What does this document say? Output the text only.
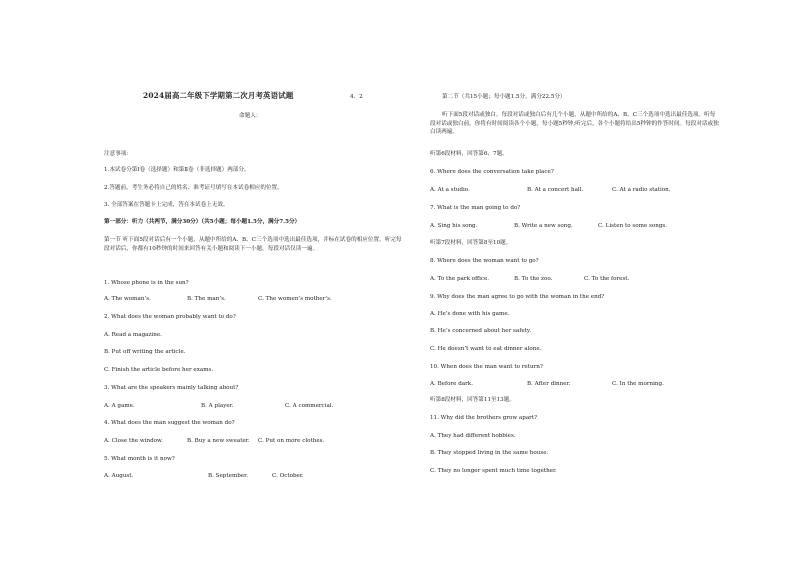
2024届高二年级下学期第二次月考英语试题	4．2
命题人：
注意事项：
1.本试卷分第Ⅰ卷（选择题）和第Ⅱ卷（非选择题）两部分。
2.答题前，考生务必将自己的姓名、准考证号填写在本试卷相应的位置。
3. 全部答案在答题卡上完成，答在本试卷上无效。
第一部分：听力（共两节，满分30分）（共5小题；每小题1.5分，满分7.5分）
第一节 听下面5段对话后有一个小题，从题中所给的A、B、C三个选项中选出最佳选项，并标在试卷的相应位置。听完每段对话后，你都有10秒钟的时间来回答有关小题和阅读下一小题。每段对话仅读一遍。
1. Whose phone is in the sun?
A. The woman’s.	B. The man’s.	C. The women’s mother’s.
2. What does the woman probably want to do?
A. Read a magazine.
B. Put off writing the article.
C. Finish the article before her exams.
3. What are the speakers mainly talking about?
A. A game.	B. A player.	C. A commercial.
4. What does the man suggest the woman do?
A. Close the window.	B. Buy a new sweater. C. Put on more clothes.
5. What month is it now?
A. August.	B. September.	C. October.
第二节（共15小题；每小题1.5分，满分22.5分）
听下面5段对话或独白。每段对话或独白后有几个小题，从题中所给的A、B、C三个选项中选出最佳选项。听每段对话或独白前，你将有时间阅读各个小题，每小题5秒钟;听完后，各个小题将给出5秒钟的作答时间。每段对话或独白读两遍。
听第6段材料，回答第6、7题。
6. Where does the conversation take place?
A. At a studio.	B. At a concert hall.	C. At a radio station.
7. What is the man going to do?
A. Sing his song.	B. Write a new song.	C. Listen to some songs.
听第7段材料，回答第8至10题。
8. Where does the woman want to go?
A. To the park office.	B. To the zoo.	C. To the forest.
9. Why does the man agree to go with the woman in the end?
A. He’s done with his game.
B. He’s concerned about her safety.
C. He doesn’t want to eat dinner alone.
10. When does the man want to return?
A. Before dark.	B. After dinner.	C. In the morning.
听第8段材料，回答第11至13题。
11. Why did the brothers grow apart?
A. They had different hobbies.
B. They stopped living in the same house.
C. They no longer spent much time together.
